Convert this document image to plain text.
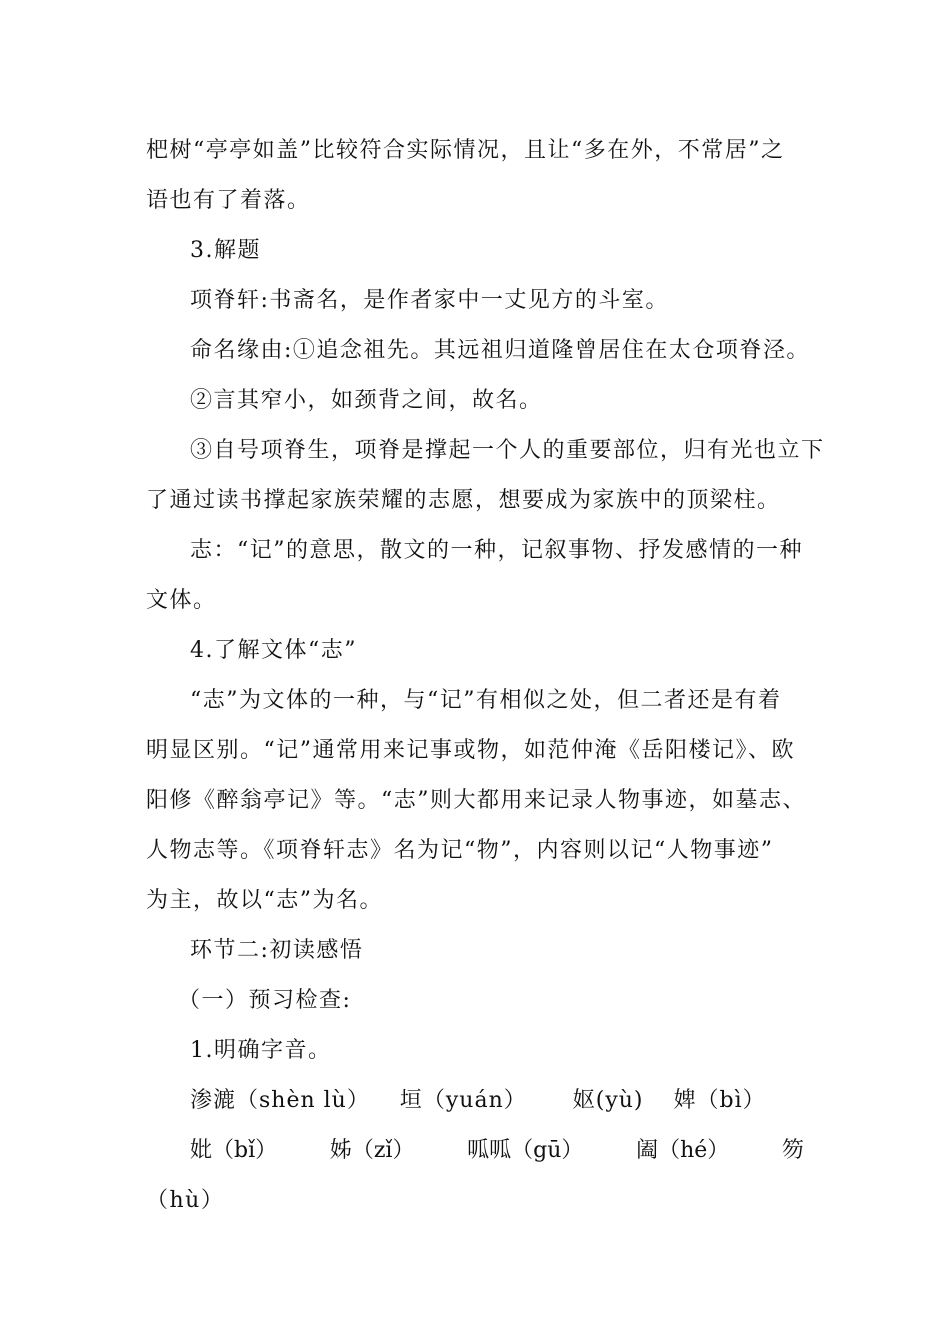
杷树“亭亭如盖”比较符合实际情况，且让“多在外，不常居”之

语也有了着落。

3.解题

项脊轩:书斋名，是作者家中一丈见方的斗室。

命名缘由:①追念祖先。其远祖归道隆曾居住在太仓项脊泾。

②言其窄小，如颈背之间，故名。

③自号项脊生，项脊是撑起一个人的重要部位，归有光也立下

了通过读书撑起家族荣耀的志愿，想要成为家族中的顶梁柱。

志：“记”的意思，散文的一种，记叙事物、抒发感情的一种

文体。

4.了解文体“志”

“志”为文体的一种，与“记”有相似之处，但二者还是有着

明显区别。“记”通常用来记事或物，如范仲淹《岳阳楼记》、欧

阳修《醉翁亭记》等。“志”则大都用来记录人物事迹，如墓志、

人物志等。《项脊轩志》名为记“物”，内容则以记“人物事迹”

为主，故以“志”为名。

环节二:初读感悟

（一）预习检查:

1.明确字音。

渗漉（shèn lù） 垣（yuán） 妪(yù) 婢（bì）
妣（bǐ） 姊（zǐ） 呱呱（gū） 阖（hé） 笏

（hù）
